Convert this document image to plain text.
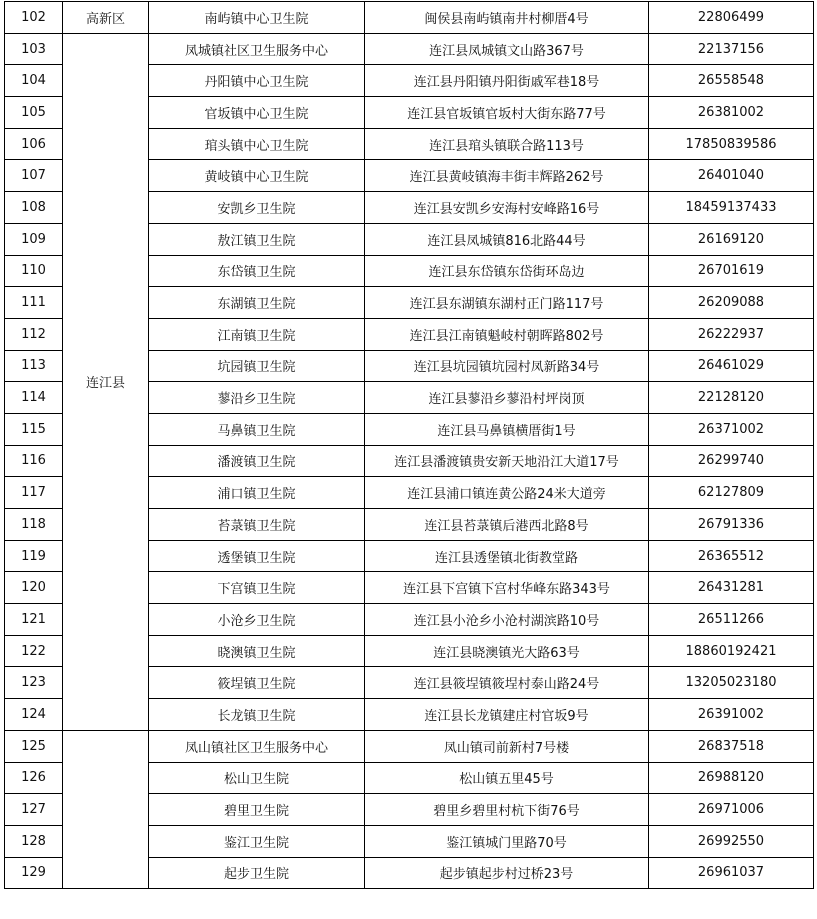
102	高新区	南屿镇中心卫生院	闽侯县南屿镇南井村柳厝4号	22806499
103	连江县	凤城镇社区卫生服务中心	连江县凤城镇文山路367号	22137156
104		丹阳镇中心卫生院	连江县丹阳镇丹阳街戚军巷18号	26558548
105		官坂镇中心卫生院	连江县官坂镇官坂村大街东路77号	26381002
106		琯头镇中心卫生院	连江县琯头镇联合路113号	17850839586
107		黄岐镇中心卫生院	连江县黄岐镇海丰街丰辉路262号	26401040
108		安凯乡卫生院	连江县安凯乡安海村安峰路16号	18459137433
109		敖江镇卫生院	连江县凤城镇816北路44号	26169120
110		东岱镇卫生院	连江县东岱镇东岱街环岛边	26701619
111		东湖镇卫生院	连江县东湖镇东湖村正门路117号	26209088
112		江南镇卫生院	连江县江南镇魁岐村朝晖路802号	26222937
113		坑园镇卫生院	连江县坑园镇坑园村凤新路34号	26461029
114		蓼沿乡卫生院	连江县蓼沿乡蓼沿村坪岗顶	22128120
115		马鼻镇卫生院	连江县马鼻镇横厝街1号	26371002
116		潘渡镇卫生院	连江县潘渡镇贵安新天地沿江大道17号	26299740
117		浦口镇卫生院	连江县浦口镇连黄公路24米大道旁	62127809
118		苔菉镇卫生院	连江县苔菉镇后港西北路8号	26791336
119		透堡镇卫生院	连江县透堡镇北街教堂路	26365512
120		下宫镇卫生院	连江县下宫镇下宫村华峰东路343号	26431281
121		小沧乡卫生院	连江县小沧乡小沧村湖滨路10号	26511266
122		晓澳镇卫生院	连江县晓澳镇光大路63号	18860192421
123		筱埕镇卫生院	连江县筱埕镇筱埕村泰山路24号	13205023180
124		长龙镇卫生院	连江县长龙镇建庄村官坂9号	26391002
125		凤山镇社区卫生服务中心	凤山镇司前新村7号楼	26837518
126		松山卫生院	松山镇五里45号	26988120
127		碧里卫生院	碧里乡碧里村杭下街76号	26971006
128		鉴江卫生院	鉴江镇城门里路70号	26992550
129		起步卫生院	起步镇起步村过桥23号	26961037
